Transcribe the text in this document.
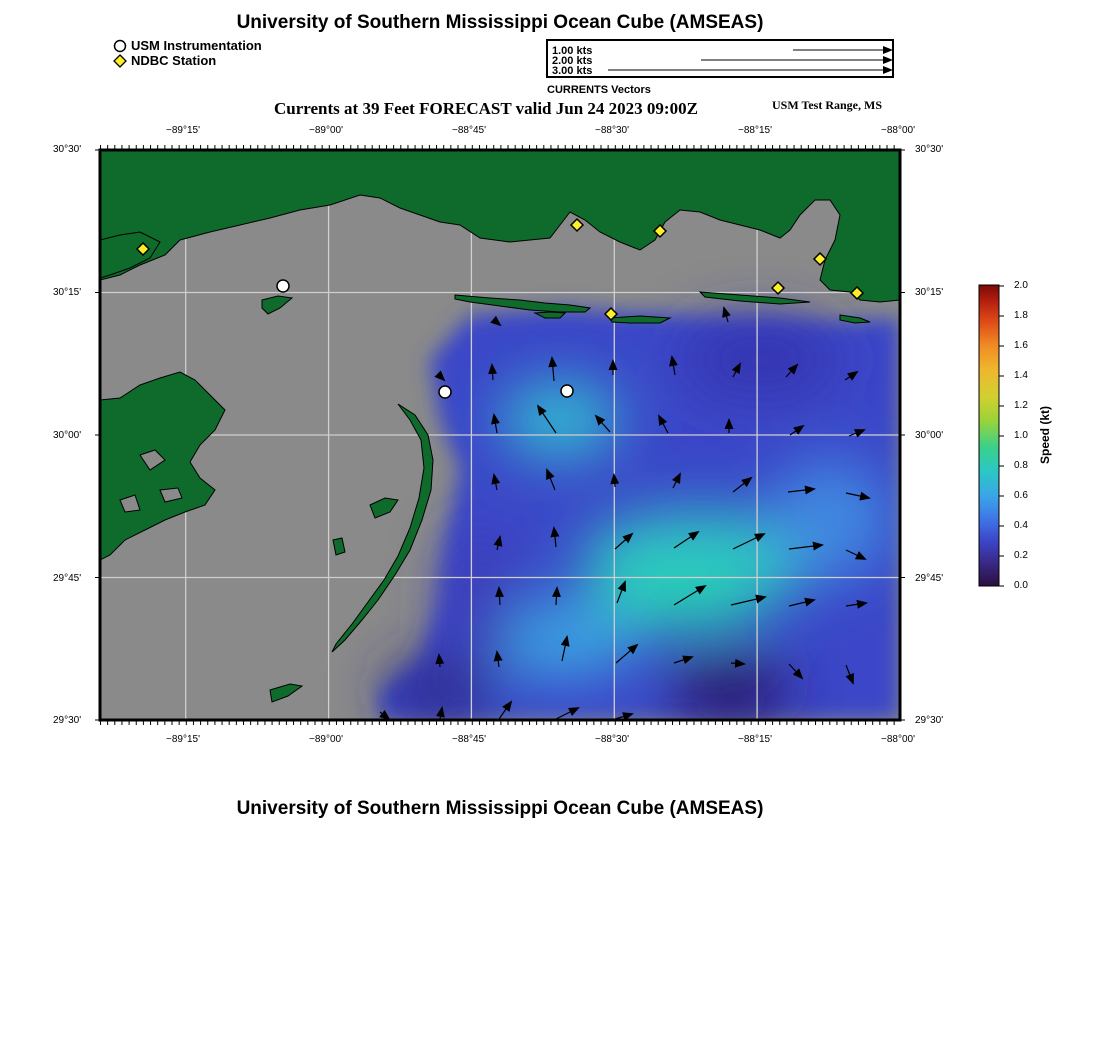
University of Southern Mississippi Ocean Cube (AMSEAS)
USM Instrumentation
NDBC Station
1.00 kts
2.00 kts
3.00 kts
CURRENTS Vectors
Currents at 39 Feet FORECAST valid Jun 24 2023 09:00Z	USM Test Range, MS
−89°15'	−89°00'	−88°45'	−88°30'	−88°15'	−88°00'
−89°15'	−89°00'	−88°45'	−88°30'	−88°15'	−88°00'
30°30'
30°15'
30°00'
29°45'
29°30'
30°30'
30°15'
30°00'
29°45'
29°30'
2.0
1.8
1.6
1.4
1.2
1.0
0.8
0.6
0.4
0.2
0.0
Speed (kt)
University of Southern Mississippi Ocean Cube (AMSEAS)
